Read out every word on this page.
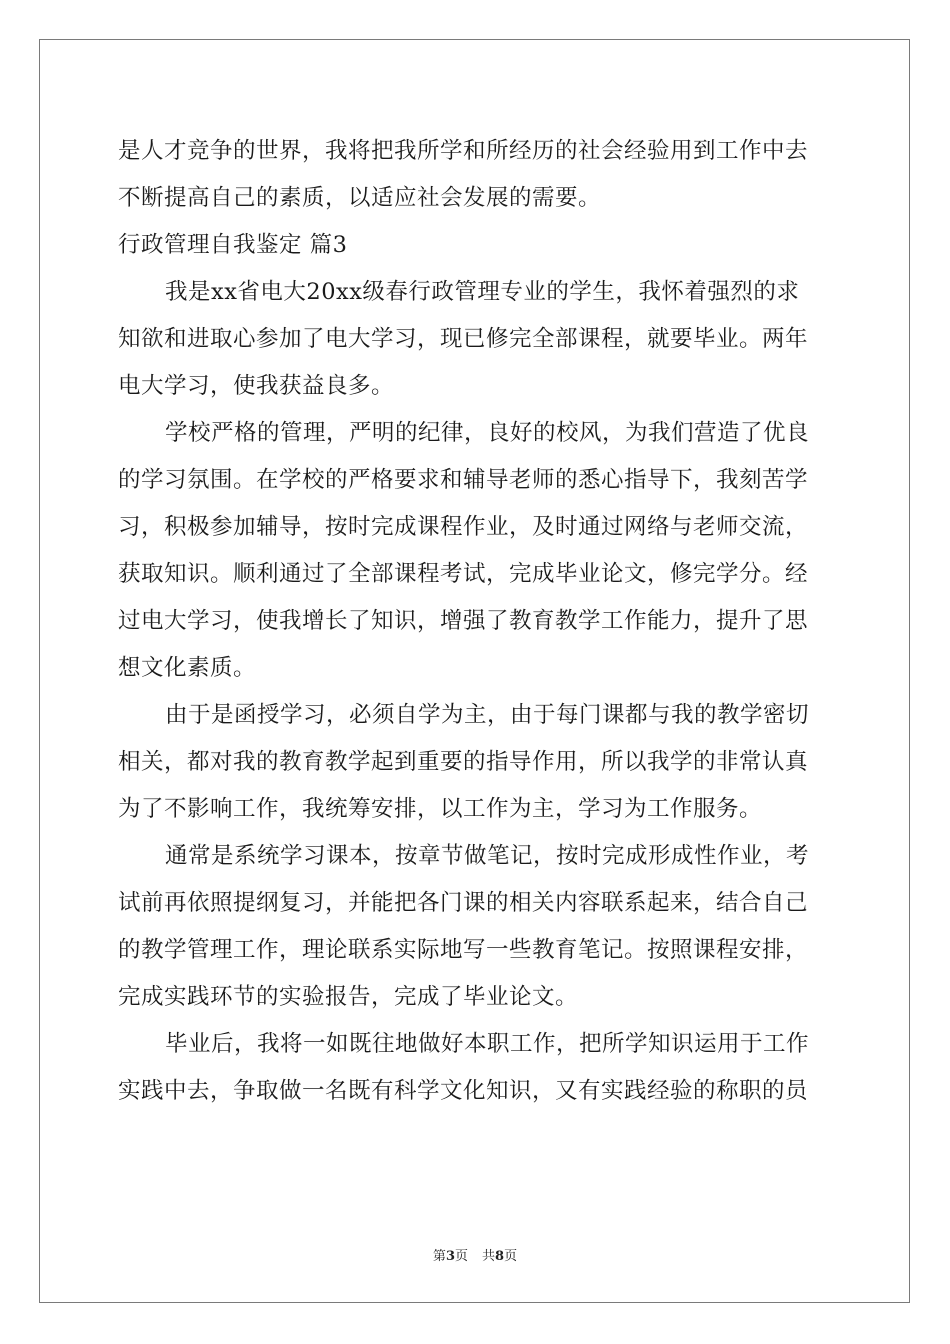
是人才竞争的世界，我将把我所学和所经历的社会经验用到工作中去
不断提高自己的素质，以适应社会发展的需要。
行政管理自我鉴定 篇3
我是xx省电大20xx级春行政管理专业的学生，我怀着强烈的求
知欲和进取心参加了电大学习，现已修完全部课程，就要毕业。两年
电大学习，使我获益良多。
学校严格的管理，严明的纪律，良好的校风，为我们营造了优良
的学习氛围。在学校的严格要求和辅导老师的悉心指导下，我刻苦学
习，积极参加辅导，按时完成课程作业，及时通过网络与老师交流，
获取知识。顺利通过了全部课程考试，完成毕业论文，修完学分。经
过电大学习，使我增长了知识，增强了教育教学工作能力，提升了思
想文化素质。
由于是函授学习，必须自学为主，由于每门课都与我的教学密切
相关，都对我的教育教学起到重要的指导作用，所以我学的非常认真
为了不影响工作，我统筹安排，以工作为主，学习为工作服务。
通常是系统学习课本，按章节做笔记，按时完成形成性作业，考
试前再依照提纲复习，并能把各门课的相关内容联系起来，结合自己
的教学管理工作，理论联系实际地写一些教育笔记。按照课程安排，
完成实践环节的实验报告，完成了毕业论文。
毕业后，我将一如既往地做好本职工作，把所学知识运用于工作
实践中去，争取做一名既有科学文化知识，又有实践经验的称职的员
第3页 共8页
